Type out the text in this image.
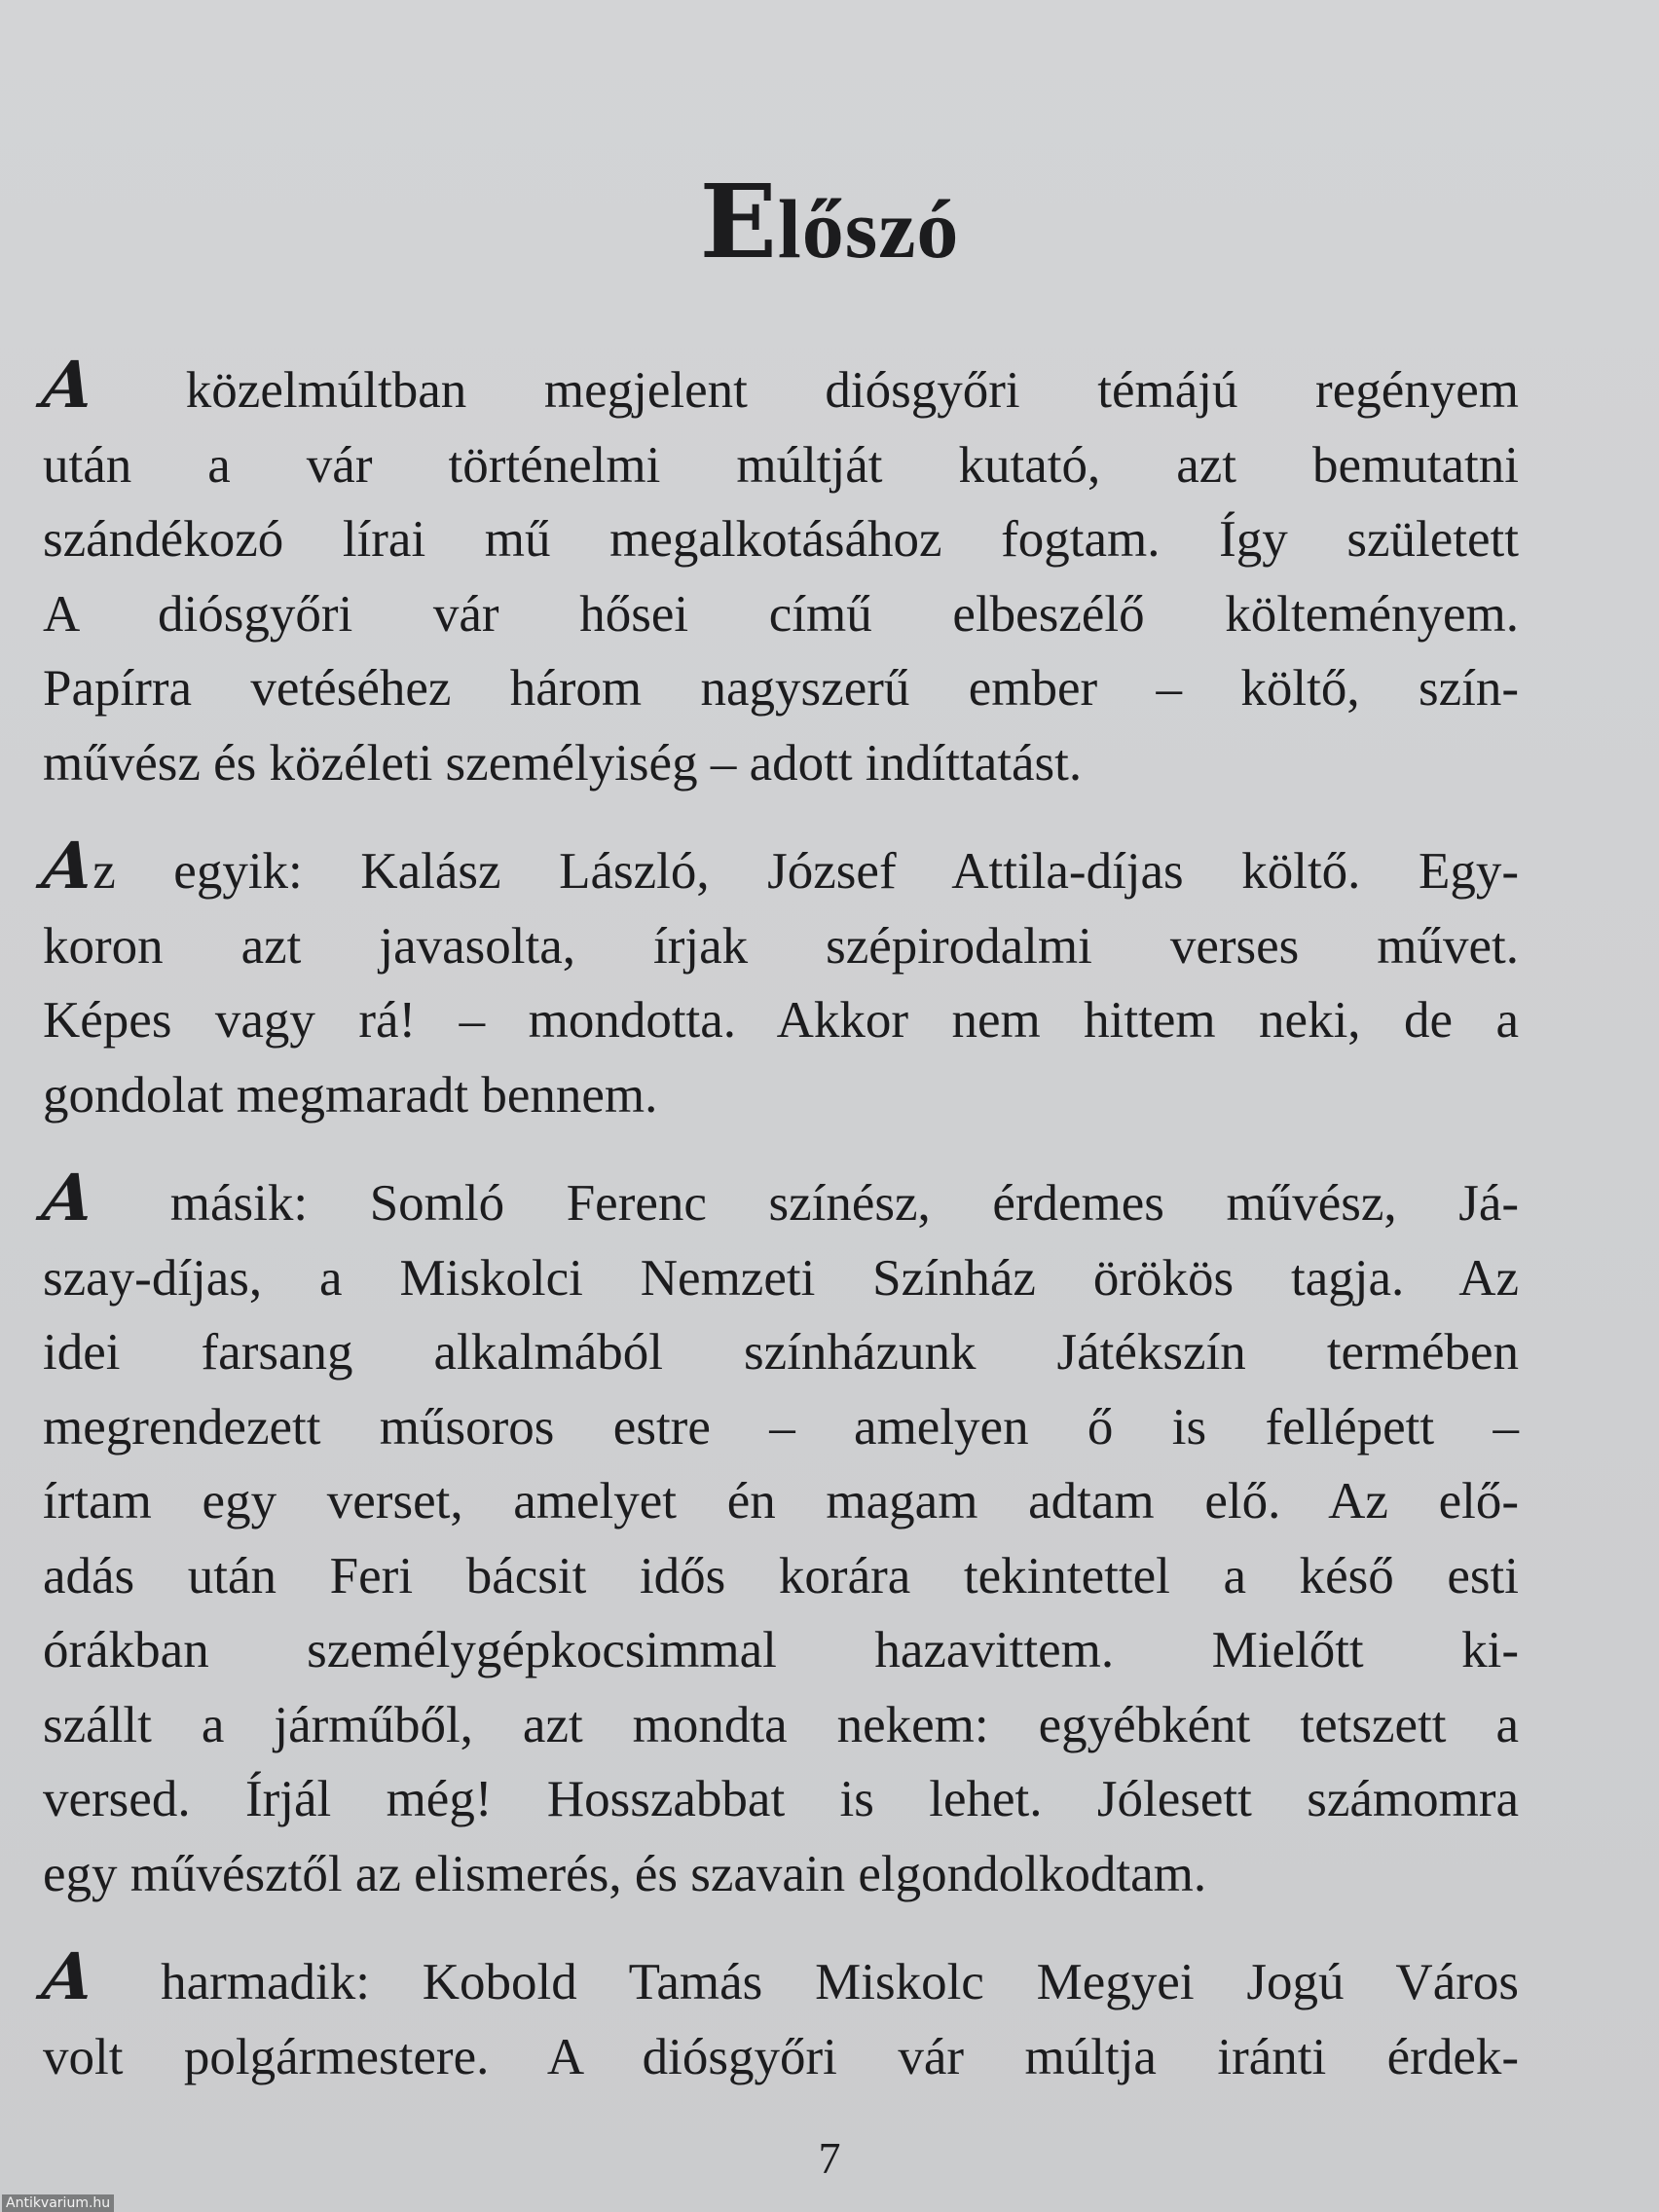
Előszó
A közelmúltban megjelent diósgyőri témájú regényem
után a vár történelmi múltját kutató, azt bemutatni
szándékozó lírai mű megalkotásához fogtam. Így született
A diósgyőri vár hősei című elbeszélő költeményem.
Papírra vetéséhez három nagyszerű ember – költő, szín-
művész és közéleti személyiség – adott indíttatást.
Az egyik: Kalász László, József Attila-díjas költő. Egy-
koron azt javasolta, írjak szépirodalmi verses művet.
Képes vagy rá! – mondotta. Akkor nem hittem neki, de a
gondolat megmaradt bennem.
A másik: Somló Ferenc színész, érdemes művész, Já-
szay-díjas, a Miskolci Nemzeti Színház örökös tagja. Az
idei farsang alkalmából színházunk Játékszín termében
megrendezett műsoros estre – amelyen ő is fellépett –
írtam egy verset, amelyet én magam adtam elő. Az elő-
adás után Feri bácsit idős korára tekintettel a késő esti
órákban személygépkocsimmal hazavittem. Mielőtt ki-
szállt a járműből, azt mondta nekem: egyébként tetszett a
versed. Írjál még! Hosszabbat is lehet. Jólesett számomra
egy művésztől az elismerés, és szavain elgondolkodtam.
A harmadik: Kobold Tamás Miskolc Megyei Jogú Város
volt polgármestere. A diósgyőri vár múltja iránti érdek-
7
Antikvarium.hu
